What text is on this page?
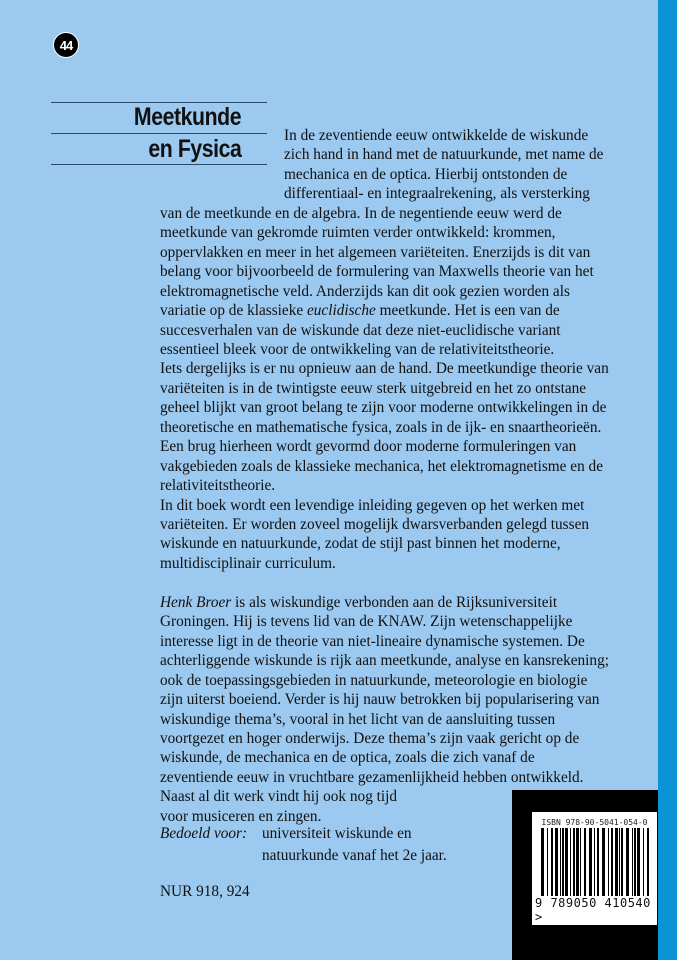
44
Meetkunde
en Fysica	In de zeventiende eeuw ontwikkelde de wiskunde
zich hand in hand met de natuurkunde, met name de
mechanica en de optica. Hierbij ontstonden de
differentiaal- en integraalrekening, als versterking
van de meetkunde en de algebra. In de negentiende eeuw werd de
meetkunde van gekromde ruimten verder ontwikkeld: krommen,
oppervlakken en meer in het algemeen variëteiten. Enerzijds is dit van
belang voor bijvoorbeeld de formulering van Maxwells theorie van het
elektromagnetische veld. Anderzijds kan dit ook gezien worden als
variatie op de klassieke euclidische meetkunde. Het is een van de
succesverhalen van de wiskunde dat deze niet-euclidische variant
essentieel bleek voor de ontwikkeling van de relativiteitstheorie.
Iets dergelijks is er nu opnieuw aan de hand. De meetkundige theorie van
variëteiten is in de twintigste eeuw sterk uitgebreid en het zo ontstane
geheel blijkt van groot belang te zijn voor moderne ontwikkelingen in de
theoretische en mathematische fysica, zoals in de ijk- en snaartheorieën.
Een brug hierheen wordt gevormd door moderne formuleringen van
vakgebieden zoals de klassieke mechanica, het elektromagnetisme en de
relativiteitstheorie.
In dit boek wordt een levendige inleiding gegeven op het werken met
variëteiten. Er worden zoveel mogelijk dwarsverbanden gelegd tussen
wiskunde en natuurkunde, zodat de stijl past binnen het moderne,
multidisciplinair curriculum.
Henk Broer is als wiskundige verbonden aan de Rijksuniversiteit
Groningen. Hij is tevens lid van de KNAW. Zijn wetenschappelijke
interesse ligt in de theorie van niet-lineaire dynamische systemen. De
achterliggende wiskunde is rijk aan meetkunde, analyse en kansrekening;
ook de toepassingsgebieden in natuurkunde, meteorologie en biologie
zijn uiterst boeiend. Verder is hij nauw betrokken bij popularisering van
wiskundige thema’s, vooral in het licht van de aansluiting tussen
voortgezet en hoger onderwijs. Deze thema’s zijn vaak gericht op de
wiskunde, de mechanica en de optica, zoals die zich vanaf de
zeventiende eeuw in vruchtbare gezamenlijkheid hebben ontwikkeld.
Naast al dit werk vindt hij ook nog tijd
voor musiceren en zingen.
Bedoeld voor: universiteit wiskunde en
natuurkunde vanaf het 2e jaar.
NUR 918, 924
ISBN 978-90-5041-054-0
9 789050 410540 >
